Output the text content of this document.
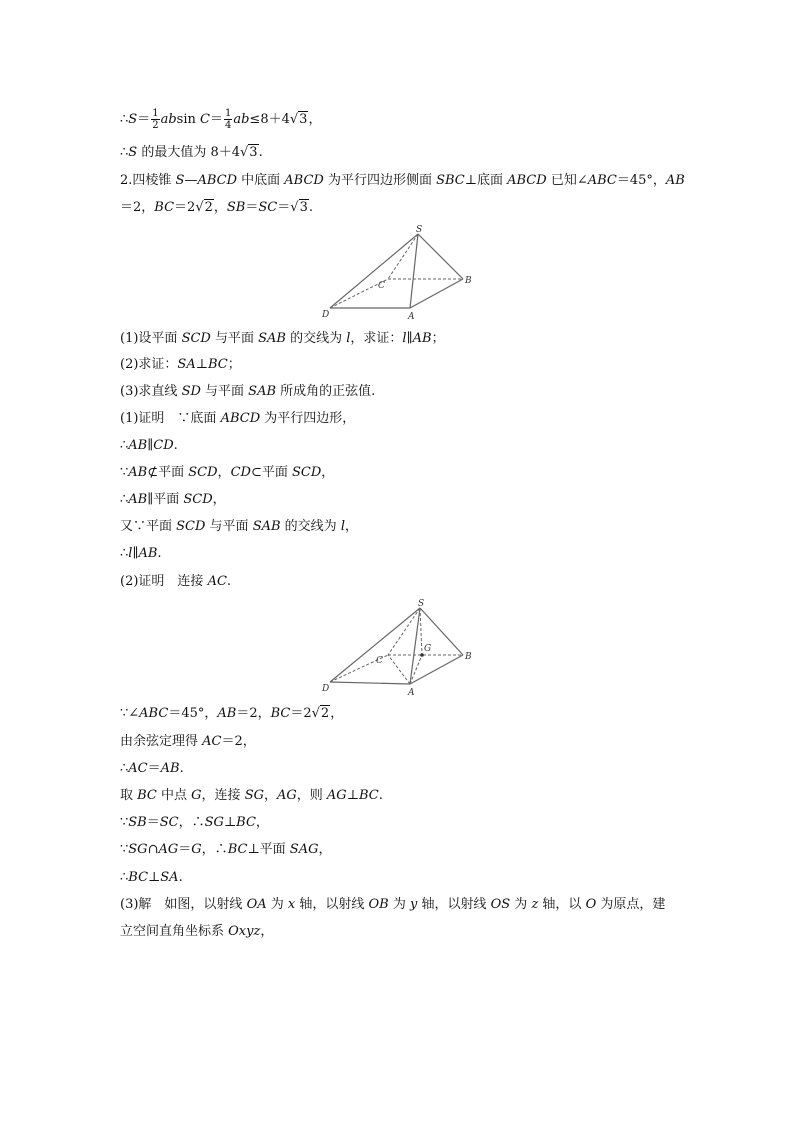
∴S＝ $\frac{1}{2}$ absin $C= \frac{1}{4} ab\le 8+4√3$，
∴S 的最大值为 8＋4√3.
2.四棱锥 S—ABCD 中底面 ABCD 为平行四边形侧面 SBC⊥底面 ABCD 已知∠ABC＝45°，AB
＝2，BC＝2√2，SB＝SC＝√3.
S
D	A
B
C
(1)设平面 SCD 与平面 SAB 的交线为 l，求证：l∥AB；
(2)求证：SA⊥BC；
(3)求直线 SD 与平面 SAB 所成角的正弦值.
(1)证明　∵底面 ABCD 为平行四边形，
∴AB∥CD.
∵AB⊄平面 SCD，CD⊂平面 SCD，
∴AB∥平面 SCD，
又∵平面 SCD 与平面 SAB 的交线为 l，
∴l∥AB.
(2)证明　连接 AC.
S
D	A
B
C
G
∵∠ABC＝45°，AB＝2，BC＝2√2，
由余弦定理得 AC＝2，
∴AC＝AB.
取 BC 中点 G，连接 SG，AG，则 AG⊥BC.
∵SB＝SC，∴SG⊥BC，
∵SG∩AG＝G，∴BC⊥平面 SAG，
∴BC⊥SA.
(3)解　如图，以射线 OA 为 x 轴，以射线 OB 为 y 轴，以射线 OS 为 z 轴，以 O 为原点，建
立空间直角坐标系 Oxyz，
